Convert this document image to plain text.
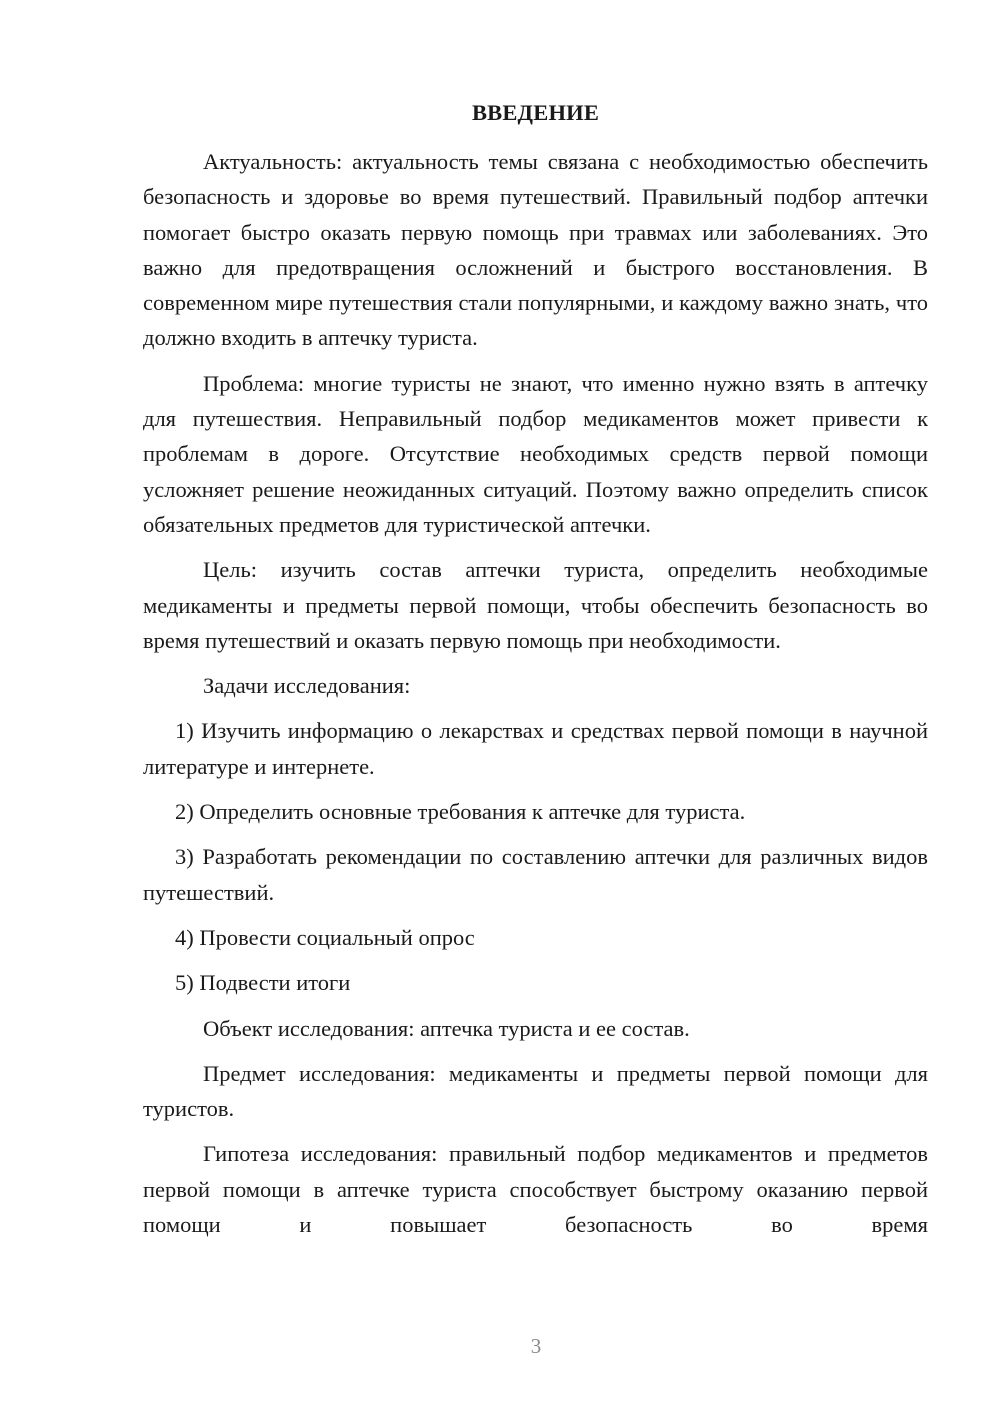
ВВЕДЕНИЕ

Актуальность: актуальность темы связана с необходимостью обеспечить безопасность и здоровье во время путешествий. Правильный подбор аптечки помогает быстро оказать первую помощь при травмах или заболеваниях. Это важно для предотвращения осложнений и быстрого восстановления. В современном мире путешествия стали популярными, и каждому важно знать, что должно входить в аптечку туриста.

Проблема: многие туристы не знают, что именно нужно взять в аптечку для путешествия. Неправильный подбор медикаментов может привести к проблемам в дороге. Отсутствие необходимых средств первой помощи усложняет решение неожиданных ситуаций. Поэтому важно определить список обязательных предметов для туристической аптечки.

Цель: изучить состав аптечки туриста, определить необходимые медикаменты и предметы первой помощи, чтобы обеспечить безопасность во время путешествий и оказать первую помощь при необходимости.

Задачи исследования:

1) Изучить информацию о лекарствах и средствах первой помощи в научной литературе и интернете.

2) Определить основные требования к аптечке для туриста.

3) Разработать рекомендации по составлению аптечки для различных видов путешествий.

4) Провести социальный опрос

5) Подвести итоги

Объект исследования: аптечка туриста и ее состав.

Предмет исследования: медикаменты и предметы первой помощи для туристов.

Гипотеза исследования: правильный подбор медикаментов и предметов первой помощи в аптечке туриста способствует быстрому оказанию первой помощи и повышает безопасность во время

3
